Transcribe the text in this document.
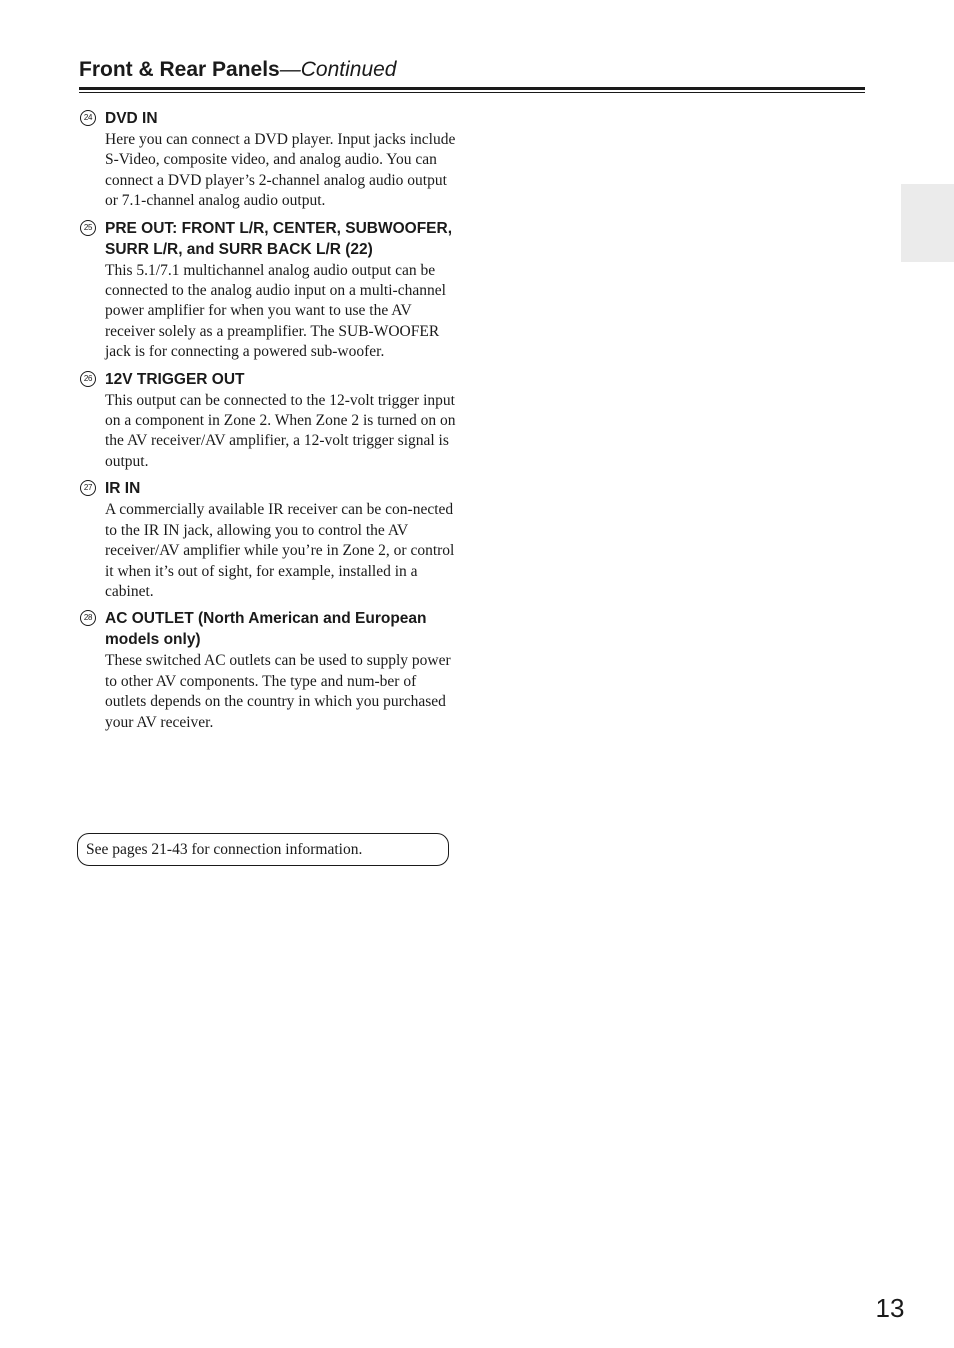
Front & Rear Panels—Continued
24 DVD IN
Here you can connect a DVD player. Input jacks include S-Video, composite video, and analog audio. You can connect a DVD player’s 2-channel analog audio output or 7.1-channel analog audio output.
25 PRE OUT: FRONT L/R, CENTER, SUBWOOFER, SURR L/R, and SURR BACK L/R (22)
This 5.1/7.1 multichannel analog audio output can be connected to the analog audio input on a multi-channel power amplifier for when you want to use the AV receiver solely as a preamplifier. The SUB-WOOFER jack is for connecting a powered sub-woofer.
26 12V TRIGGER OUT
This output can be connected to the 12-volt trigger input on a component in Zone 2. When Zone 2 is turned on on the AV receiver/AV amplifier, a 12-volt trigger signal is output.
27 IR IN
A commercially available IR receiver can be con-nected to the IR IN jack, allowing you to control the AV receiver/AV amplifier while you’re in Zone 2, or control it when it’s out of sight, for example, installed in a cabinet.
28 AC OUTLET (North American and European models only)
These switched AC outlets can be used to supply power to other AV components. The type and num-ber of outlets depends on the country in which you purchased your AV receiver.
See pages 21-43 for connection information.
13
